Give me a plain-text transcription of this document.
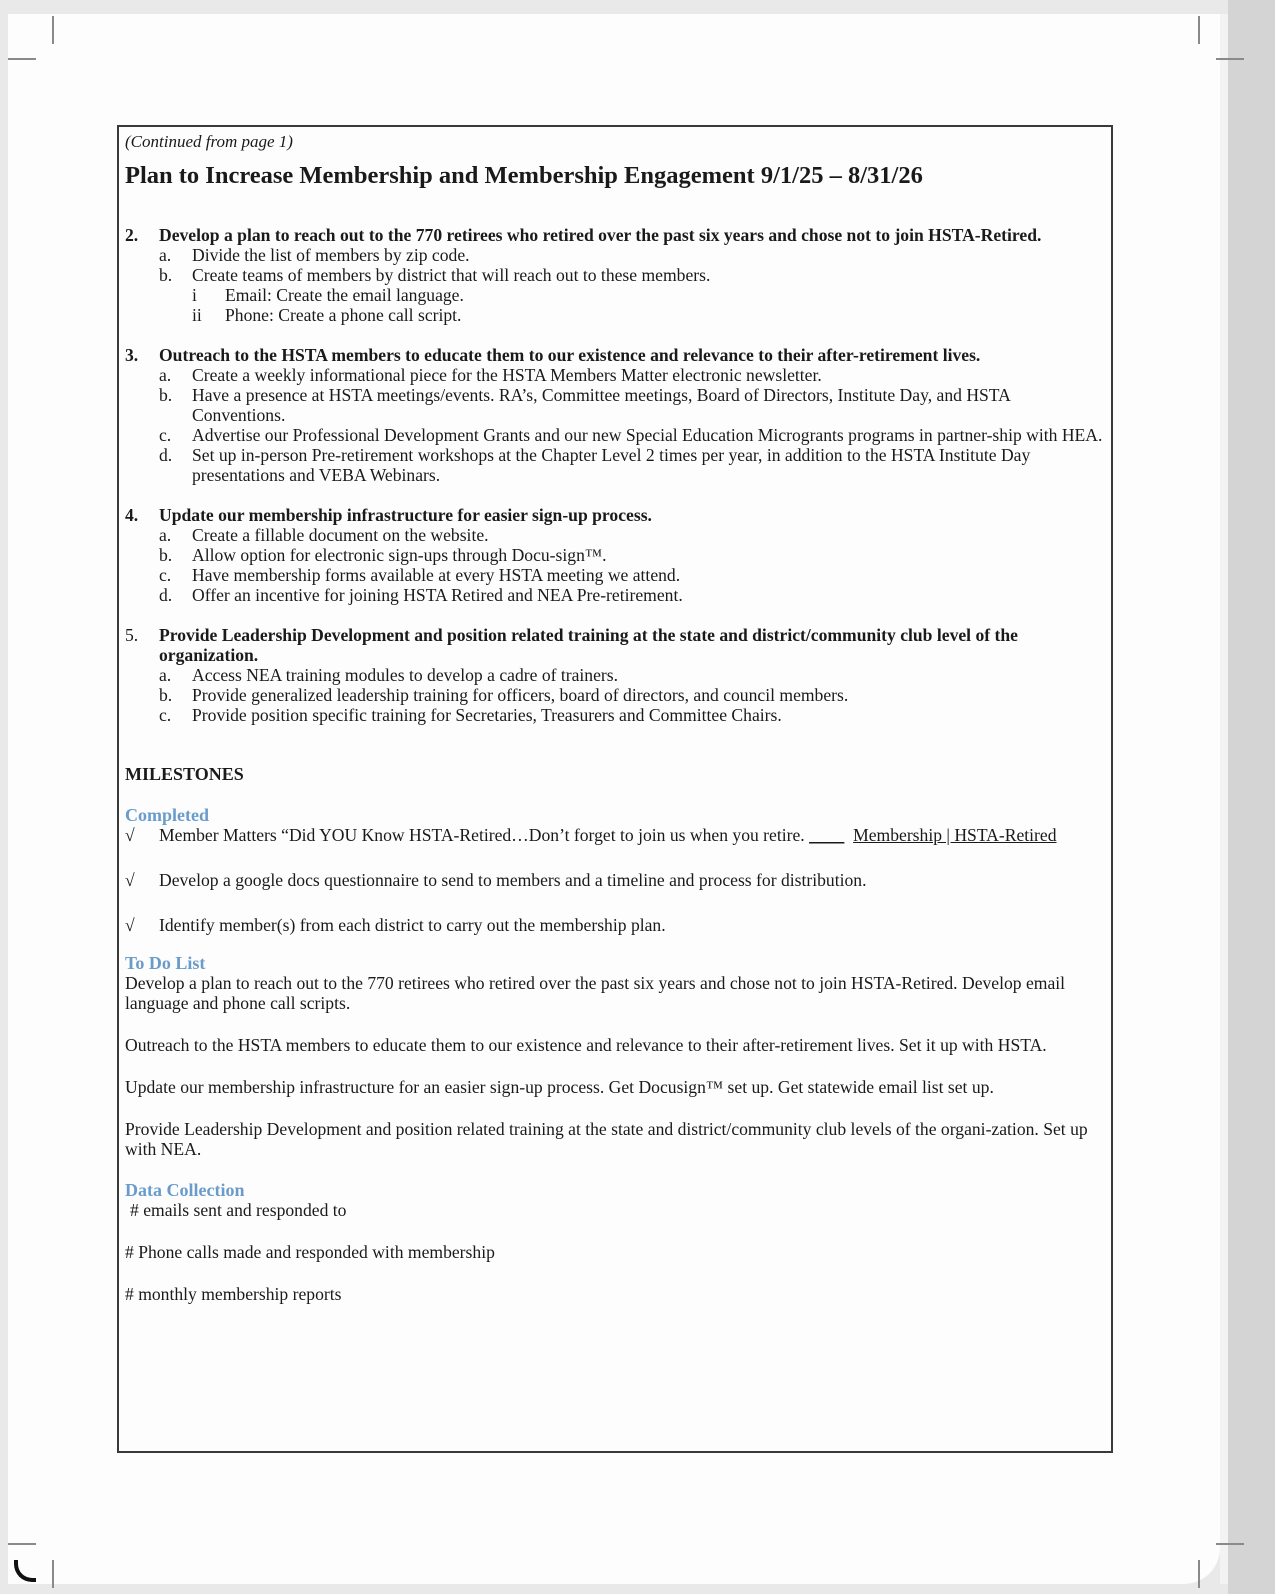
(Continued from page 1)

Plan to Increase Membership and Membership Engagement 9/1/25 – 8/31/26
2. Develop a plan to reach out to the 770 retirees who retired over the past six years and chose not to join HSTA-Retired.
a. Divide the list of members by zip code.
b. Create teams of members by district that will reach out to these members.
i Email: Create the email language.
ii Phone: Create a phone call script.
3. Outreach to the HSTA members to educate them to our existence and relevance to their after-retirement lives.
a. Create a weekly informational piece for the HSTA Members Matter electronic newsletter.
b. Have a presence at HSTA meetings/events. RA’s, Committee meetings, Board of Directors, Institute Day, and HSTA Conventions.
c. Advertise our Professional Development Grants and our new Special Education Microgrants programs in partner-ship with HEA.
d. Set up in-person Pre-retirement workshops at the Chapter Level 2 times per year, in addition to the HSTA Institute Day presentations and VEBA Webinars.
4. Update our membership infrastructure for easier sign-up process.
a. Create a fillable document on the website.
b. Allow option for electronic sign-ups through Docu-sign™.
c. Have membership forms available at every HSTA meeting we attend.
d. Offer an incentive for joining HSTA Retired and NEA Pre-retirement.
5. Provide Leadership Development and position related training at the state and district/community club level of the organization.
a. Access NEA training modules to develop a cadre of trainers.
b. Provide generalized leadership training for officers, board of directors, and council members.
c. Provide position specific training for Secretaries, Treasurers and Committee Chairs.
MILESTONES
Completed
√ Member Matters “Did YOU Know HSTA-Retired…Don’t forget to join us when you retire. ____ Membership | HSTA-Retired
√ Develop a google docs questionnaire to send to members and a timeline and process for distribution.
√ Identify member(s) from each district to carry out the membership plan.
To Do List

Develop a plan to reach out to the 770 retirees who retired over the past six years and chose not to join HSTA-Retired. Develop email language and phone call scripts.

Outreach to the HSTA members to educate them to our existence and relevance to their after-retirement lives. Set it up with HSTA.

Update our membership infrastructure for an easier sign-up process. Get Docusign™ set up. Get statewide email list set up.

Provide Leadership Development and position related training at the state and district/community club levels of the organi-zation. Set up with NEA.

Data Collection
# emails sent and responded to
# Phone calls made and responded with membership
# monthly membership reports
